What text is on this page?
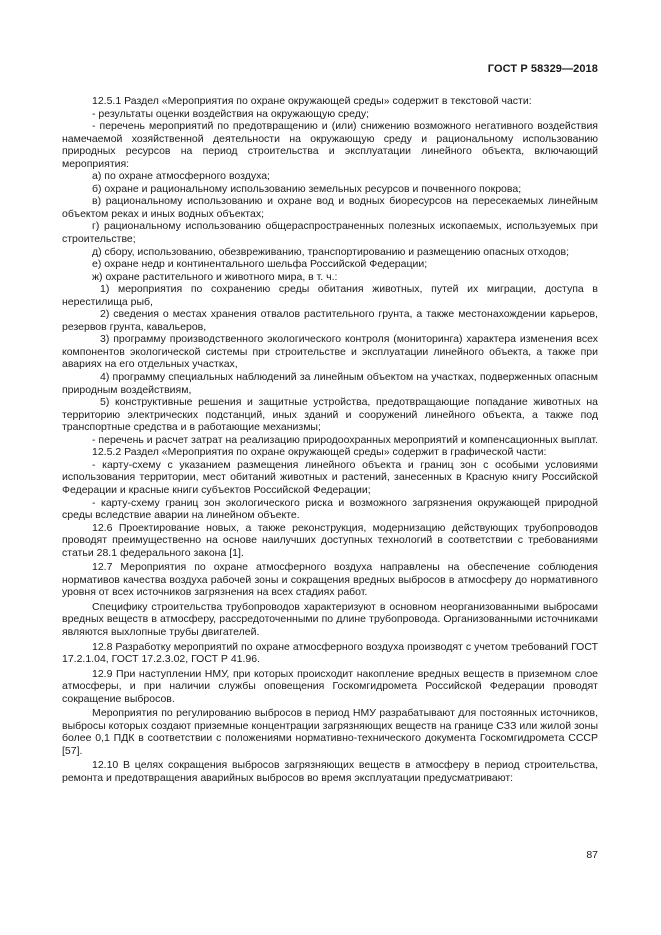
ГОСТ Р 58329—2018

12.5.1 Раздел «Мероприятия по охране окружающей среды» содержит в текстовой части:

- результаты оценки воздействия на окружающую среду;

- перечень мероприятий по предотвращению и (или) снижению возможного негативного воздействия намечаемой хозяйственной деятельности на окружающую среду и рациональному использованию природных ресурсов на период строительства и эксплуатации линейного объекта, включающий мероприятия:

а) по охране атмосферного воздуха;

б) охране и рациональному использованию земельных ресурсов и почвенного покрова;

в) рациональному использованию и охране вод и водных биоресурсов на пересекаемых линейным объектом реках и иных водных объектах;

г) рациональному использованию общераспространенных полезных ископаемых, используемых при строительстве;

д) сбору, использованию, обезвреживанию, транспортированию и размещению опасных отходов;

е) охране недр и континентального шельфа Российской Федерации;

ж) охране растительного и животного мира, в т. ч.:

1) мероприятия по сохранению среды обитания животных, путей их миграции, доступа в нерестилища рыб,

2) сведения о местах хранения отвалов растительного грунта, а также местонахождении карьеров, резервов грунта, кавальеров,

3) программу производственного экологического контроля (мониторинга) характера изменения всех компонентов экологической системы при строительстве и эксплуатации линейного объекта, а также при авариях на его отдельных участках,

4) программу специальных наблюдений за линейным объектом на участках, подверженных опасным природным воздействиям,

5) конструктивные решения и защитные устройства, предотвращающие попадание животных на территорию электрических подстанций, иных зданий и сооружений линейного объекта, а также под транспортные средства и в работающие механизмы;

- перечень и расчет затрат на реализацию природоохранных мероприятий и компенсационных выплат.

12.5.2 Раздел «Мероприятия по охране окружающей среды» содержит в графической части:

- карту-схему с указанием размещения линейного объекта и границ зон с особыми условиями использования территории, мест обитаний животных и растений, занесенных в Красную книгу Российской Федерации и красные книги субъектов Российской Федерации;

- карту-схему границ зон экологического риска и возможного загрязнения окружающей природной среды вследствие аварии на линейном объекте.

12.6 Проектирование новых, а также реконструкция, модернизацию действующих трубопроводов проводят преимущественно на основе наилучших доступных технологий в соответствии с требованиями статьи 28.1 федерального закона [1].

12.7 Мероприятия по охране атмосферного воздуха направлены на обеспечение соблюдения нормативов качества воздуха рабочей зоны и сокращения вредных выбросов в атмосферу до нормативного уровня от всех источников загрязнения на всех стадиях работ.

Специфику строительства трубопроводов характеризуют в основном неорганизованными выбросами вредных веществ в атмосферу, рассредоточенными по длине трубопровода. Организованными источниками являются выхлопные трубы двигателей.

12.8 Разработку мероприятий по охране атмосферного воздуха производят с учетом требований ГОСТ 17.2.1.04, ГОСТ 17.2.3.02, ГОСТ Р 41.96.

12.9 При наступлении НМУ, при которых происходит накопление вредных веществ в приземном слое атмосферы, и при наличии службы оповещения Госкомгидромета Российской Федерации проводят сокращение выбросов.

Мероприятия по регулированию выбросов в период НМУ разрабатывают для постоянных источников, выбросы которых создают приземные концентрации загрязняющих веществ на границе СЗЗ или жилой зоны более 0,1 ПДК в соответствии с положениями нормативно-технического документа Госкомгидромета СССР [57].

12.10 В целях сокращения выбросов загрязняющих веществ в атмосферу в период строительства, ремонта и предотвращения аварийных выбросов во время эксплуатации предусматривают:

87
